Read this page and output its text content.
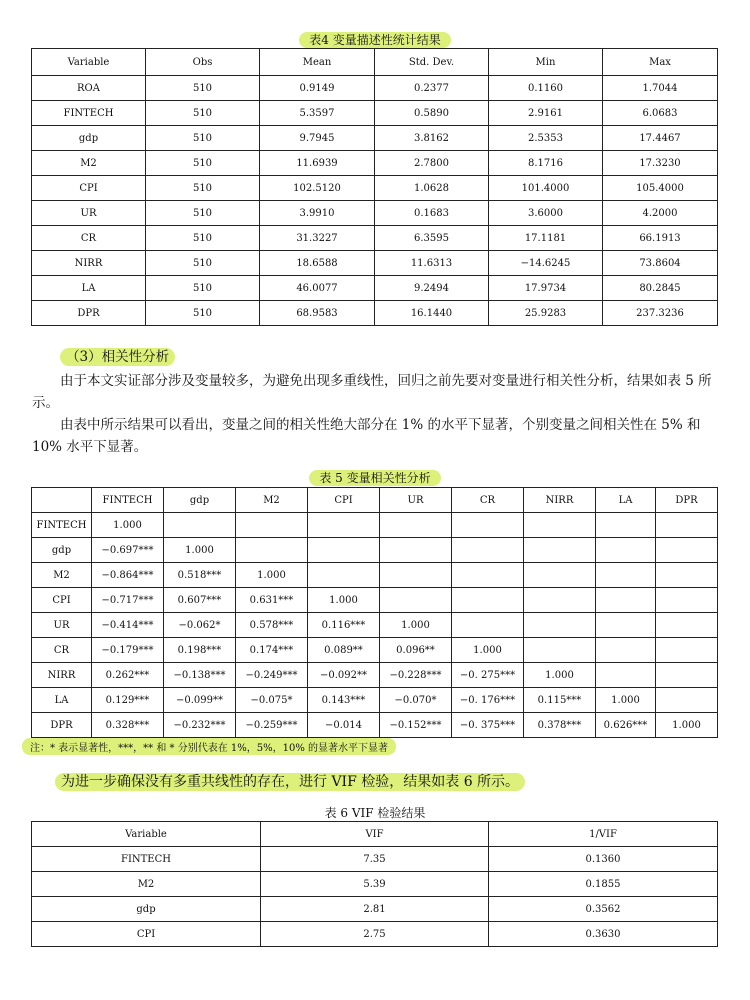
表4 变量描述性统计结果
Variable	Obs	Mean	Std. Dev.	Min	Max
ROA	510	0.9149	0.2377	0.1160	1.7044
FINTECH	510	5.3597	0.5890	2.9161	6.0683
gdp	510	9.7945	3.8162	2.5353	17.4467
M2	510	11.6939	2.7800	8.1716	17.3230
CPI	510	102.5120	1.0628	101.4000	105.4000
UR	510	3.9910	0.1683	3.6000	4.2000
CR	510	31.3227	6.3595	17.1181	66.1913
NIRR	510	18.6588	11.6313	−14.6245	73.8604
LA	510	46.0077	9.2494	17.9734	80.2845
DPR	510	68.9583	16.1440	25.9283	237.3236
（3）相关性分析
由于本文实证部分涉及变量较多，为避免出现多重线性，回归之前先要对变量进行相关性分析，结果如表 5 所示。
由表中所示结果可以看出，变量之间的相关性绝大部分在 1% 的水平下显著，个别变量之间相关性在 5% 和 10% 水平下显著。
表 5 变量相关性分析
	FINTECH	gdp	M2	CPI	UR	CR	NIRR	LA	DPR
FINTECH	1.000								
gdp	−0.697***	1.000							
M2	−0.864***	0.518***	1.000						
CPI	−0.717***	0.607***	0.631***	1.000					
UR	−0.414***	−0.062*	0.578***	0.116***	1.000				
CR	−0.179***	0.198***	0.174***	0.089**	0.096**	1.000			
NIRR	0.262***	−0.138***	−0.249***	−0.092**	−0.228***	−0. 275***	1.000		
LA	0.129***	−0.099**	−0.075*	0.143***	−0.070*	−0. 176***	0.115***	1.000	
DPR	0.328***	−0.232***	−0.259***	−0.014	−0.152***	−0. 375***	0.378***	0.626***	1.000
注：* 表示显著性，***，** 和 * 分别代表在 1%，5%，10% 的显著水平下显著
为进一步确保没有多重共线性的存在，进行 VIF 检验，结果如表 6 所示。
表 6 VIF 检验结果
Variable	VIF	1/VIF
FINTECH	7.35	0.1360
M2	5.39	0.1855
gdp	2.81	0.3562
CPI	2.75	0.3630
